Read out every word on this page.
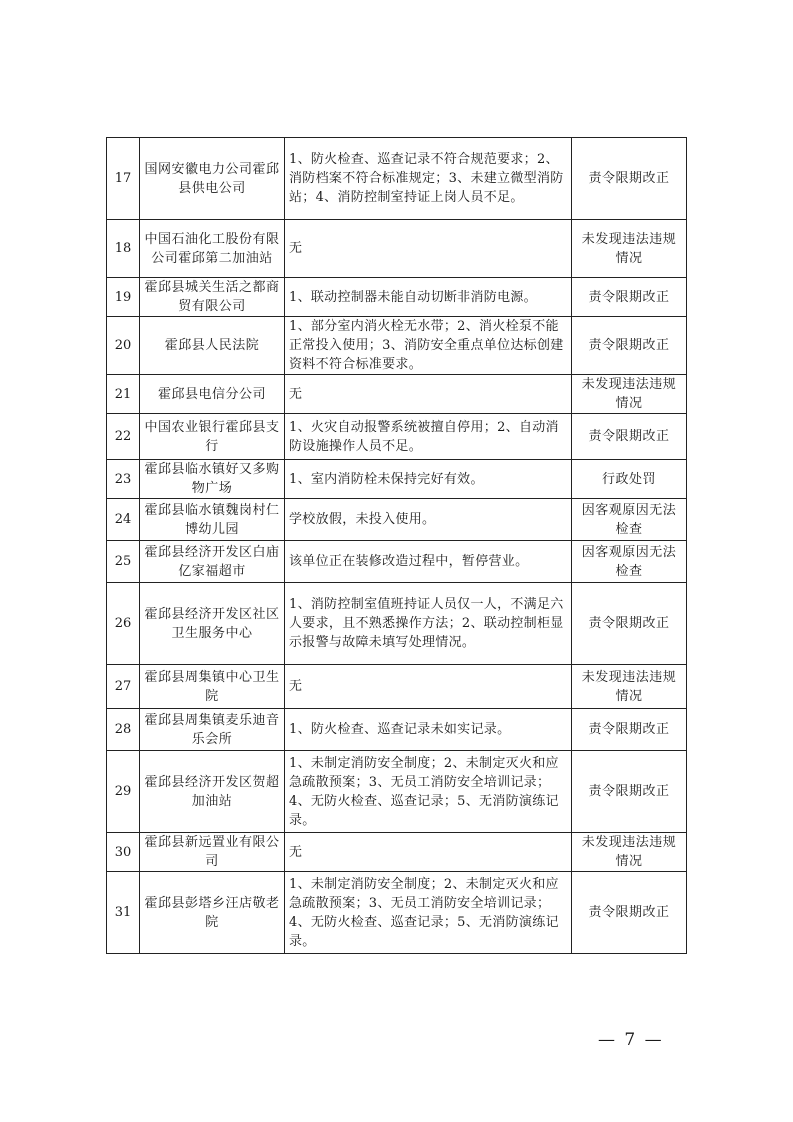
17	国网安徽电力公司霍邱县供电公司	1、防火检查、巡查记录不符合规范要求；2、消防档案不符合标准规定；3、未建立微型消防站；4、消防控制室持证上岗人员不足。	责令限期改正
18	中国石油化工股份有限公司霍邱第二加油站	无	未发现违法违规情况
19	霍邱县城关生活之都商贸有限公司	1、联动控制器未能自动切断非消防电源。	责令限期改正
20	霍邱县人民法院	1、部分室内消火栓无水带；2、消火栓泵不能正常投入使用；3、消防安全重点单位达标创建资料不符合标准要求。	责令限期改正
21	霍邱县电信分公司	无	未发现违法违规情况
22	中国农业银行霍邱县支行	1、火灾自动报警系统被擅自停用；2、自动消防设施操作人员不足。	责令限期改正
23	霍邱县临水镇好又多购物广场	1、室内消防栓未保持完好有效。	行政处罚
24	霍邱县临水镇魏岗村仁博幼儿园	学校放假，未投入使用。	因客观原因无法检查
25	霍邱县经济开发区白庙亿家福超市	该单位正在装修改造过程中，暂停营业。	因客观原因无法检查
26	霍邱县经济开发区社区卫生服务中心	1、消防控制室值班持证人员仅一人，不满足六人要求，且不熟悉操作方法；2、联动控制柜显示报警与故障未填写处理情况。	责令限期改正
27	霍邱县周集镇中心卫生院	无	未发现违法违规情况
28	霍邱县周集镇麦乐迪音乐会所	1、防火检查、巡查记录未如实记录。	责令限期改正
29	霍邱县经济开发区贺超加油站	1、未制定消防安全制度；2、未制定灭火和应急疏散预案；3、无员工消防安全培训记录；4、无防火检查、巡查记录；5、无消防演练记录。	责令限期改正
30	霍邱县新远置业有限公司	无	未发现违法违规情况
31	霍邱县彭塔乡汪店敬老院	1、未制定消防安全制度；2、未制定灭火和应急疏散预案；3、无员工消防安全培训记录；4、无防火检查、巡查记录；5、无消防演练记录。	责令限期改正
— 7 —
